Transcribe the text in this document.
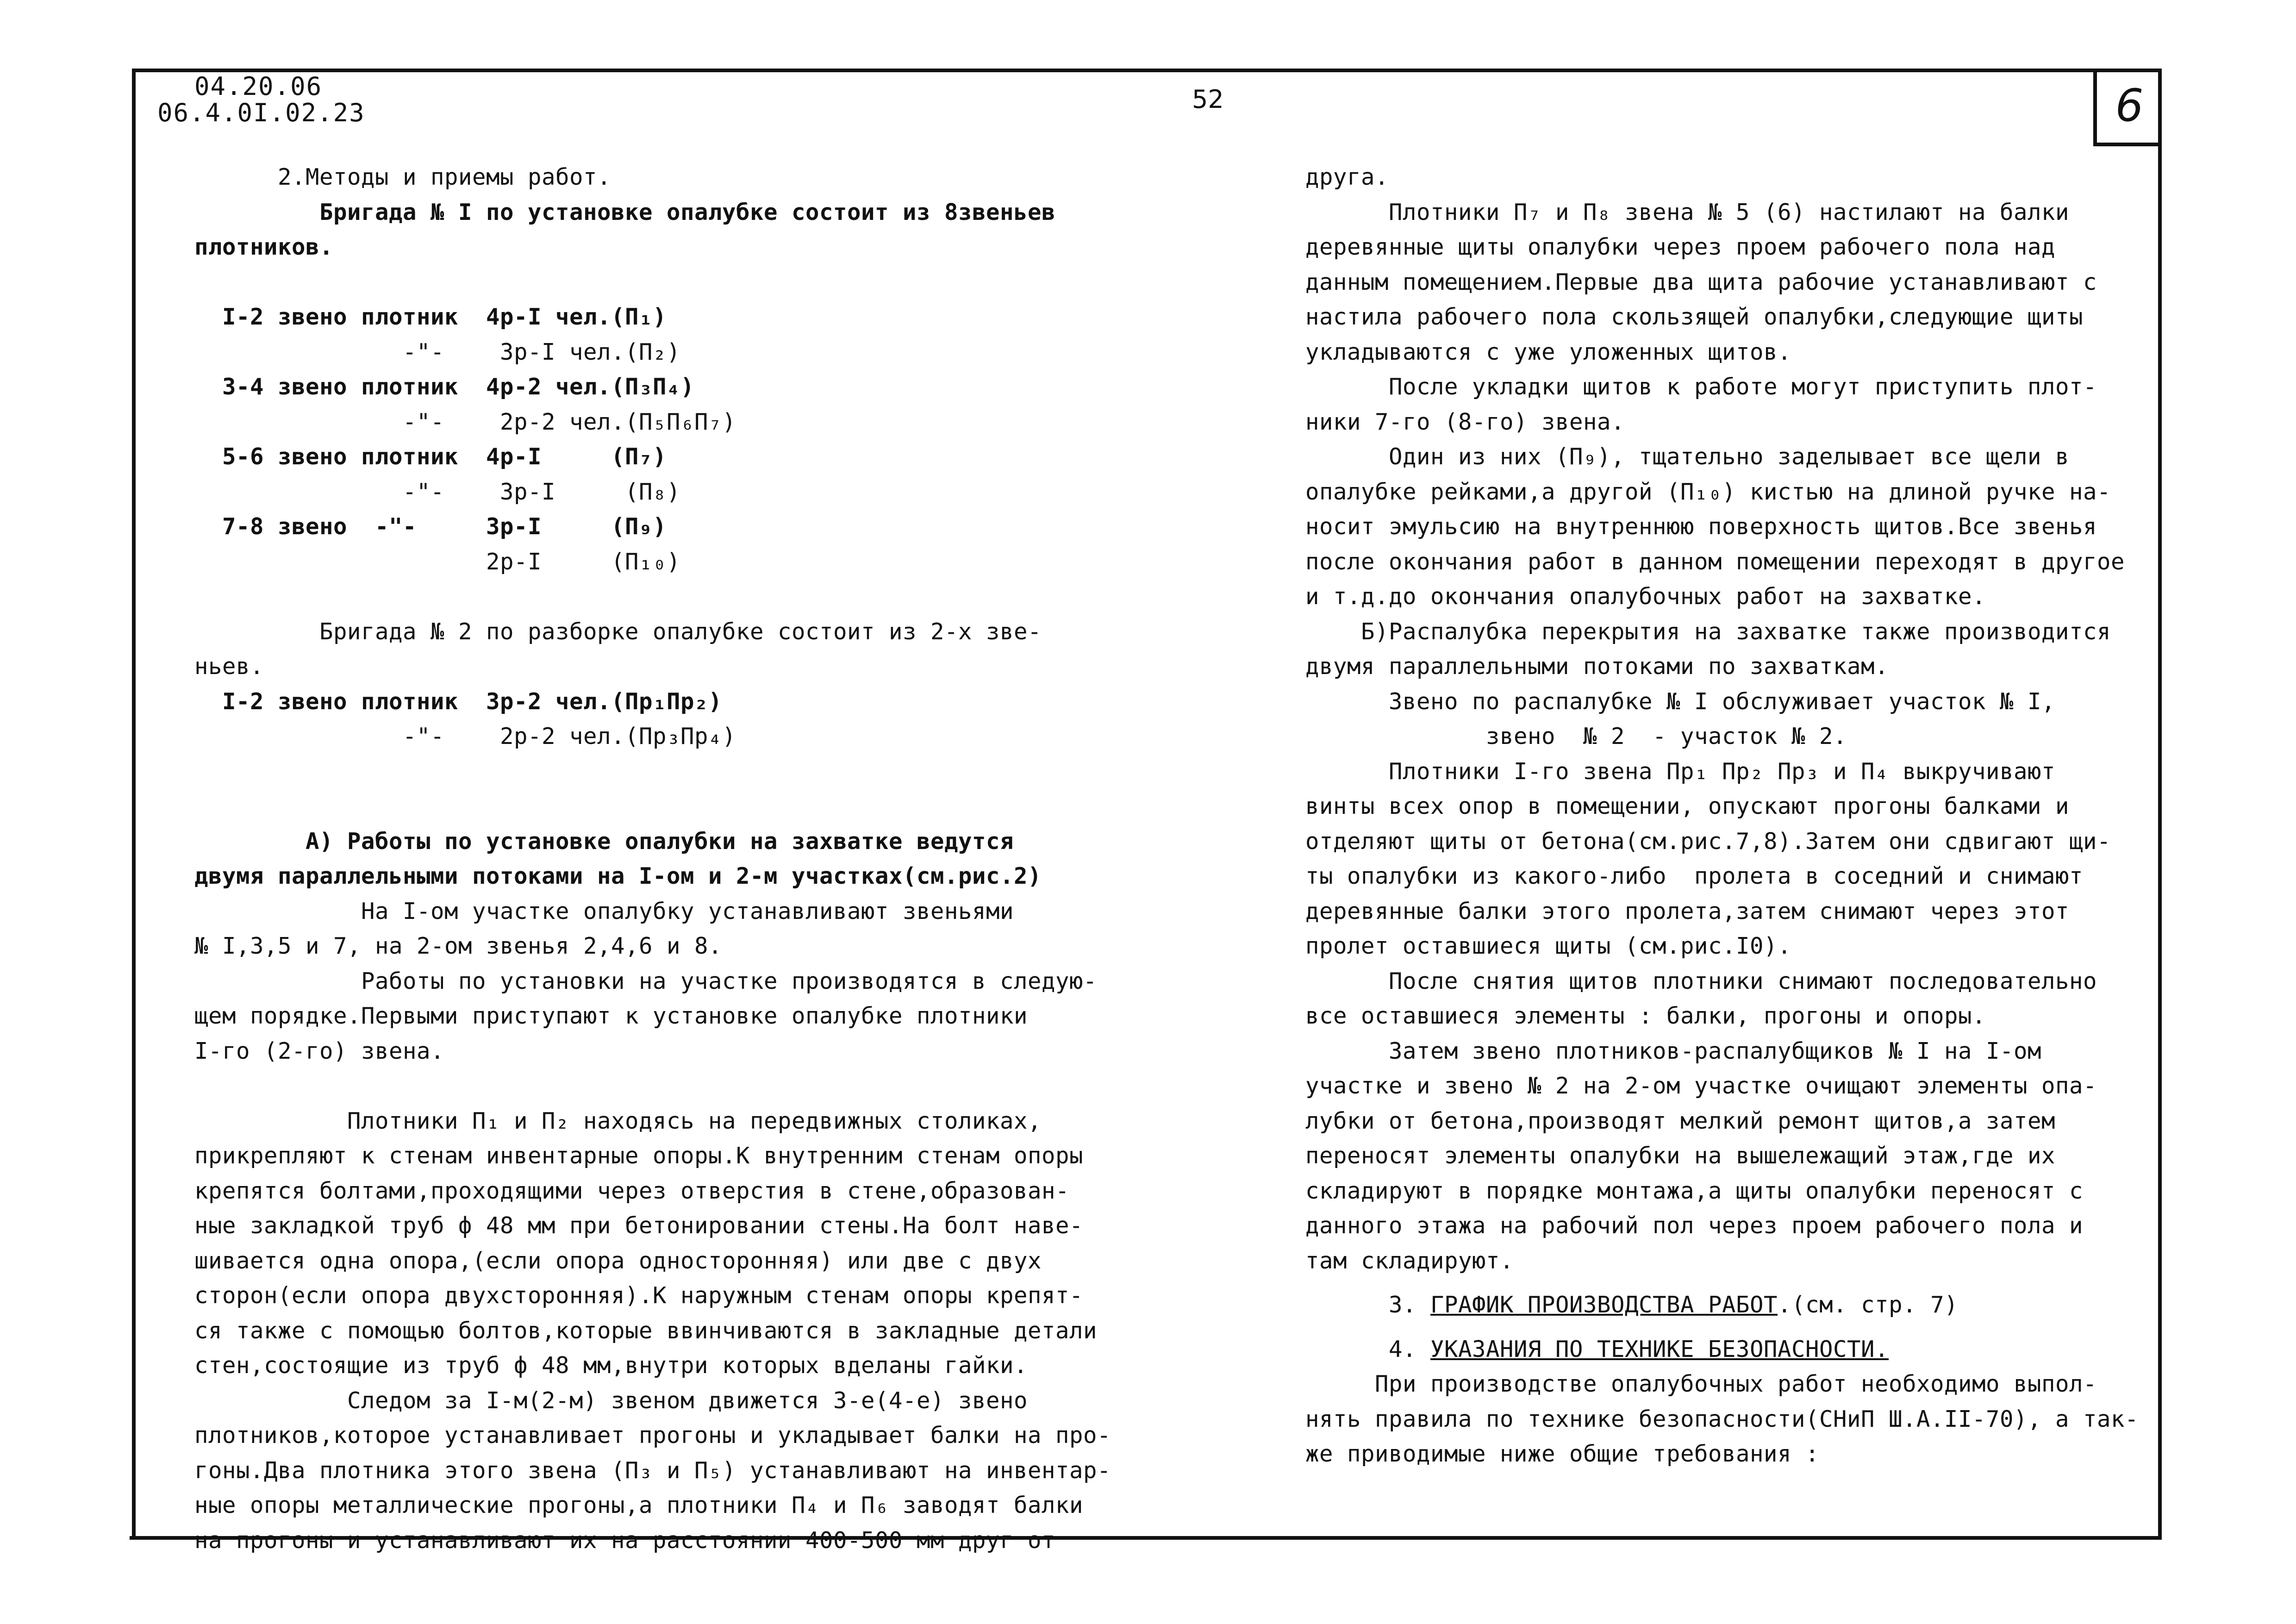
6
04.20.06
06.4.0I.02.23	52
2.Методы и приемы работ.
Бригада № I по установке опалубке состоит из 8звеньев
плотников.
I-2 звено плотник  4р-I чел.(П₁)
-"-    3р-I чел.(П₂)
3-4 звено плотник  4р-2 чел.(П₃П₄)
-"-    2р-2 чел.(П₅П₆П₇)
5-6 звено плотник  4р-I     (П₇)
-"-    3р-I     (П₈)
7-8 звено  -"-     3р-I     (П₉)
2р-I     (П₁₀)
Бригада № 2 по разборке опалубке состоит из 2-х зве-
ньев.
I-2 звено плотник  3р-2 чел.(Пр₁Пр₂)
-"-    2р-2 чел.(Пр₃Пр₄)
А) Работы по установке опалубки на захватке ведутся
двумя параллельными потоками на I-ом и 2-м участках(см.рис.2)
На I-ом участке опалубку устанавливают звеньями
№ I,3,5 и 7, на 2-ом звенья 2,4,6 и 8.
Работы по установки на участке производятся в следую-
щем порядке.Первыми приступают к установке опалубке плотники
I-го (2-го) звена.
Плотники П₁ и П₂ находясь на передвижных столиках,
прикрепляют к стенам инвентарные опоры.К внутренним стенам опоры
крепятся болтами,проходящими через отверстия в стене,образован-
ные закладкой труб ф 48 мм при бетонировании стены.На болт наве-
шивается одна опора,(если опора односторонняя) или две с двух
сторон(если опора двухсторонняя).К наружным стенам опоры крепят-
ся также с помощью болтов,которые ввинчиваются в закладные детали
стен,состоящие из труб ф 48 мм,внутри которых вделаны гайки.
Следом за I-м(2-м) звеном движется 3-е(4-е) звено
плотников,которое устанавливает прогоны и укладывает балки на про-
гоны.Два плотника этого звена (П₃ и П₅) устанавливают на инвентар-
ные опоры металлические прогоны,а плотники П₄ и П₆ заводят балки
на прогоны и устанавливают их на расстоянии 400-500 мм друг от
друга.
Плотники П₇ и П₈ звена № 5 (6) настилают на балки
деревянные щиты опалубки через проем рабочего пола над
данным помещением.Первые два щита рабочие устанавливают с
настила рабочего пола скользящей опалубки,следующие щиты
укладываются с уже уложенных щитов.
После укладки щитов к работе могут приступить плот-
ники 7-го (8-го) звена.
Один из них (П₉), тщательно заделывает все щели в
опалубке рейками,а другой (П₁₀) кистью на длиной ручке на-
носит эмульсию на внутреннюю поверхность щитов.Все звенья
после окончания работ в данном помещении переходят в другое
и т.д.до окончания опалубочных работ на захватке.
Б)Распалубка перекрытия на захватке также производится
двумя параллельными потоками по захваткам.
Звено по распалубке № I обслуживает участок № I,
звено  № 2  - участок № 2.
Плотники I-го звена Пр₁ Пр₂ Пр₃ и П₄ выкручивают
винты всех опор в помещении, опускают прогоны балками и
отделяют щиты от бетона(см.рис.7,8).Затем они сдвигают щи-
ты опалубки из какого-либо  пролета в соседний и снимают
деревянные балки этого пролета,затем снимают через этот
пролет оставшиеся щиты (см.рис.I0).
После снятия щитов плотники снимают последовательно
все оставшиеся элементы : балки, прогоны и опоры.
Затем звено плотников-распалубщиков № I на I-ом
участке и звено № 2 на 2-ом участке очищают элементы опа-
лубки от бетона,производят мелкий ремонт щитов,а затем
переносят элементы опалубки на вышележащий этаж,где их
складируют в порядке монтажа,а щиты опалубки переносят с
данного этажа на рабочий пол через проем рабочего пола и
там складируют.
3. ГРАФИК ПРОИЗВОДСТВА РАБОТ.(см. стр. 7)
4. УКАЗАНИЯ ПО ТЕХНИКЕ БЕЗОПАСНОСТИ.
При производстве опалубочных работ необходимо выпол-
нять правила по технике безопасности(СНиП Ш.А.II-70), а так-
же приводимые ниже общие требования :
